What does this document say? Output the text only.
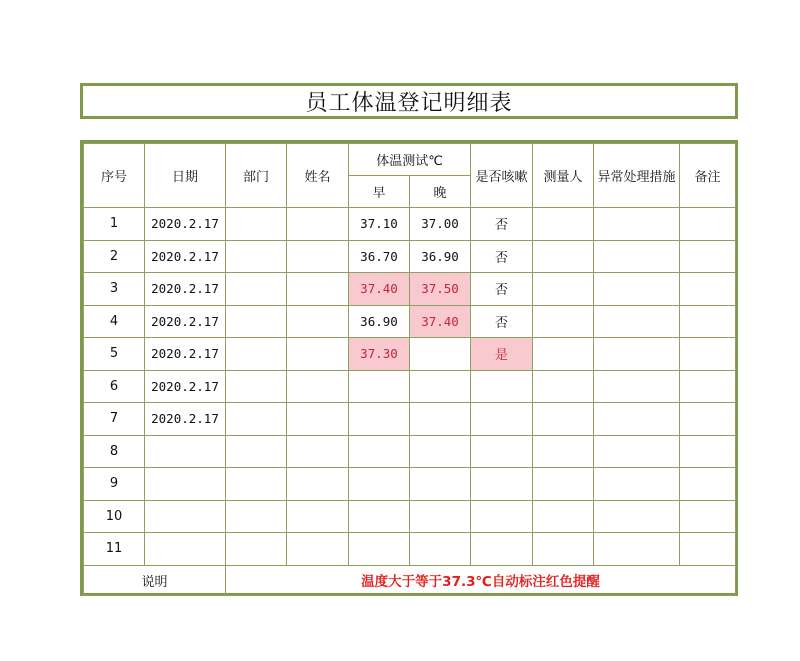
员工体温登记明细表
序号	日期	部门	姓名	体温测试℃		是否咳嗽	测量人	异常处理措施	备注
				早	晚				
1	2020.2.17			37.10	37.00	否			
2	2020.2.17			36.70	36.90	否			
3	2020.2.17			37.40	37.50	否			
4	2020.2.17			36.90	37.40	否			
5	2020.2.17			37.30		是			
6	2020.2.17								
7	2020.2.17								
8									
9									
10									
11									
说明		温度大于等于37.3℃自动标注红色提醒							
